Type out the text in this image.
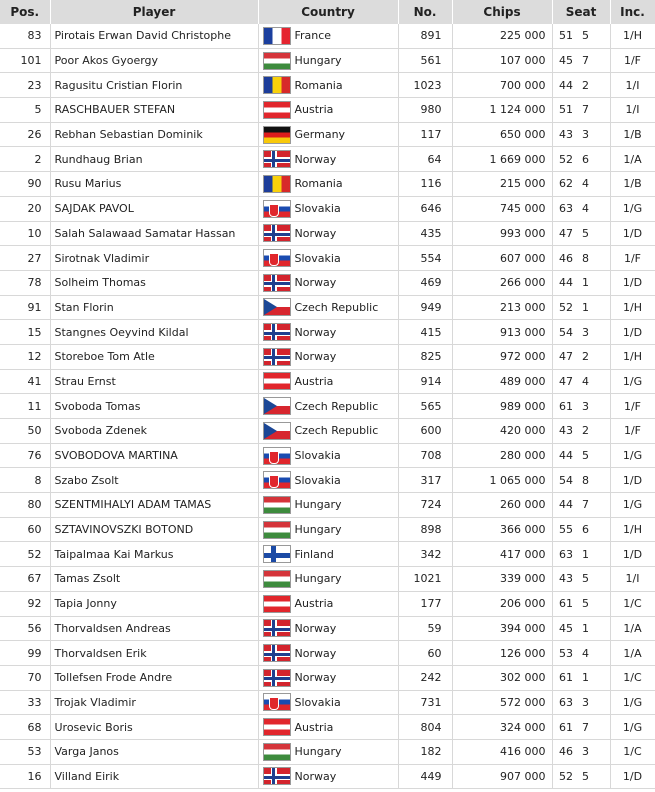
Pos.	Player	Country	No.	Chips	Seat		Inc.
83	Pirotais Erwan David Christophe	France	891	225 000	51	5	1/H
101	Poor Akos Gyoergy	Hungary	561	107 000	45	7	1/F
23	Ragusitu Cristian Florin	Romania	1023	700 000	44	2	1/I
5	RASCHBAUER STEFAN	Austria	980	1 124 000	51	7	1/I
26	Rebhan Sebastian Dominik	Germany	117	650 000	43	3	1/B
2	Rundhaug Brian	Norway	64	1 669 000	52	6	1/A
90	Rusu Marius	Romania	116	215 000	62	4	1/B
20	SAJDAK PAVOL	Slovakia	646	745 000	63	4	1/G
10	Salah Salawaad Samatar Hassan	Norway	435	993 000	47	5	1/D
27	Sirotnak Vladimir	Slovakia	554	607 000	46	8	1/F
78	Solheim Thomas	Norway	469	266 000	44	1	1/D
91	Stan Florin	Czech Republic	949	213 000	52	1	1/H
15	Stangnes Oeyvind Kildal	Norway	415	913 000	54	3	1/D
12	Storeboe Tom Atle	Norway	825	972 000	47	2	1/H
41	Strau Ernst	Austria	914	489 000	47	4	1/G
11	Svoboda Tomas	Czech Republic	565	989 000	61	3	1/F
50	Svoboda Zdenek	Czech Republic	600	420 000	43	2	1/F
76	SVOBODOVA MARTINA	Slovakia	708	280 000	44	5	1/G
8	Szabo Zsolt	Slovakia	317	1 065 000	54	8	1/D
80	SZENTMIHALYI ADAM TAMAS	Hungary	724	260 000	44	7	1/G
60	SZTAVINOVSZKI BOTOND	Hungary	898	366 000	55	6	1/H
52	Taipalmaa Kai Markus	Finland	342	417 000	63	1	1/D
67	Tamas Zsolt	Hungary	1021	339 000	43	5	1/I
92	Tapia Jonny	Austria	177	206 000	61	5	1/C
56	Thorvaldsen Andreas	Norway	59	394 000	45	1	1/A
99	Thorvaldsen Erik	Norway	60	126 000	53	4	1/A
70	Tollefsen Frode Andre	Norway	242	302 000	61	1	1/C
33	Trojak Vladimir	Slovakia	731	572 000	63	3	1/G
68	Urosevic Boris	Austria	804	324 000	61	7	1/G
53	Varga Janos	Hungary	182	416 000	46	3	1/C
16	Villand Eirik	Norway	449	907 000	52	5	1/D
